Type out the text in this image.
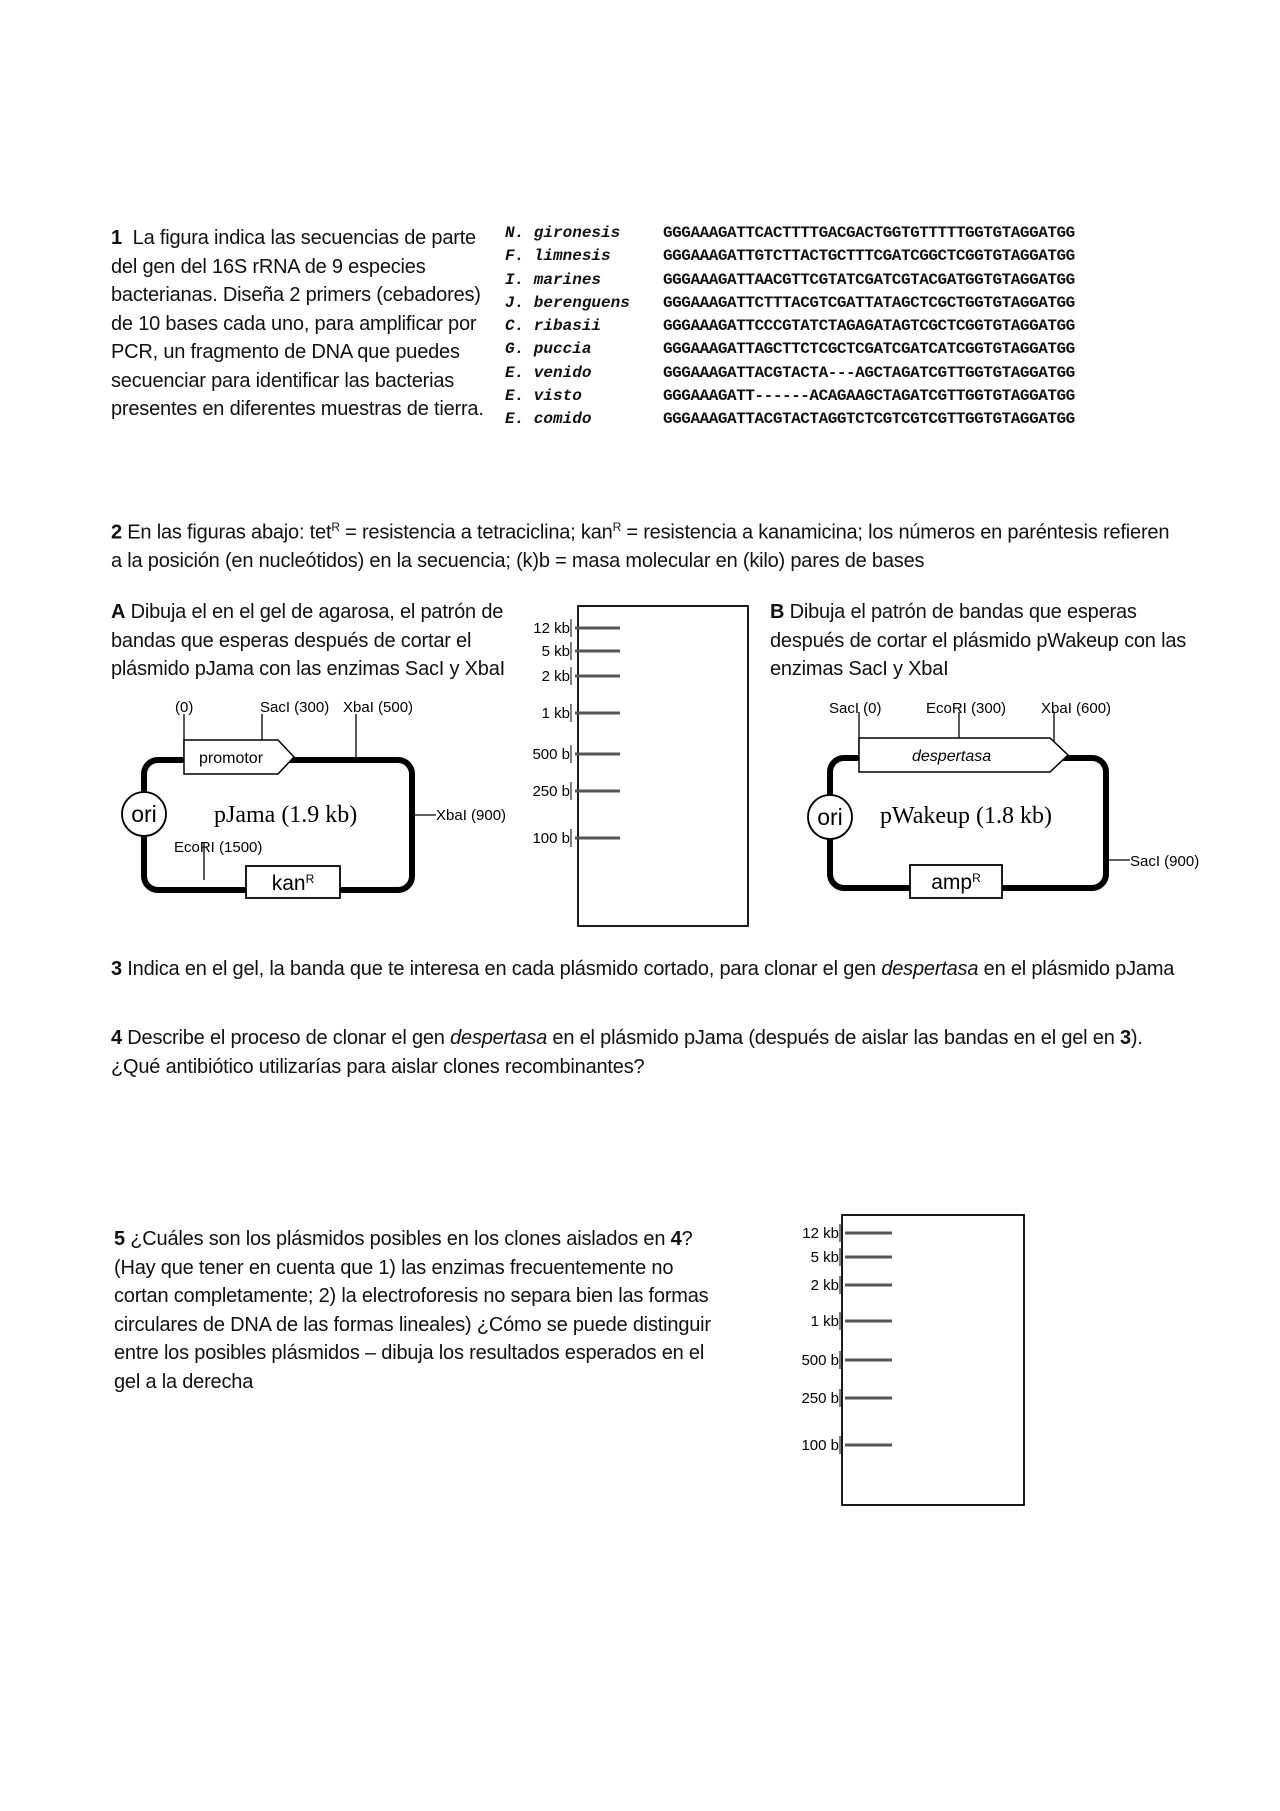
1 La figura indica las secuencias de parte del gen del 16S rRNA de 9 especies bacterianas. Diseña 2 primers (cebadores) de 10 bases cada uno, para amplificar por PCR, un fragmento de DNA que puedes secuenciar para identificar las bacterias presentes en diferentes muestras de tierra.
N. gironesis	GGGAAAGATTCACTTTTGACGACTGGTGTTTTTGGTGTAGGATGG
F. limnesis	GGGAAAGATTGTCTTACTGCTTTCGATCGGCTCGGTGTAGGATGG
I. marines	GGGAAAGATTAACGTTCGTATCGATCGTACGATGGTGTAGGATGG
J. berenguens	GGGAAAGATTCTTTACGTCGATTATAGCTCGCTGGTGTAGGATGG
C. ribasii	GGGAAAGATTCCCGTATCTAGAGATAGTCGCTCGGTGTAGGATGG
G. puccia	GGGAAAGATTAGCTTCTCGCTCGATCGATCATCGGTGTAGGATGG
E. venido	GGGAAAGATTACGTACTA---AGCTAGATCGTTGGTGTAGGATGG
E. visto	GGGAAAGATT------ACAGAAGCTAGATCGTTGGTGTAGGATGG
E. comido	GGGAAAGATTACGTACTAGGTCTCGTCGTCGTTGGTGTAGGATGG
2 En las figuras abajo: tet$^R$ = resistencia a tetraciclina; kan$^R$ = resistencia a kanamicina; los números en paréntesis refieren a la posición (en nucleótidos) en la secuencia; (k)b = masa molecular en (kilo) pares de bases
A Dibuja el en el gel de agarosa, el patrón de bandas que esperas después de cortar el plásmido pJama con las enzimas SacI y XbaI
B Dibuja el patrón de bandas que esperas después de cortar el plásmido pWakeup con las enzimas SacI y XbaI
(0)	SacI (300) XbaI (500)
XbaI (900)
EcoRI (1500)
promotor
ori pJama (1.9 kb)
kan$^R$
12 kb
5 kb
2 kb
1 kb
500 b
250 b
100 b
SacI (0)	EcoRI (300) XbaI (600)
SacI (900)
despertasa
ori pWakeup (1.8 kb)
amp$^R$
3 Indica en el gel, la banda que te interesa en cada plásmido cortado, para clonar el gen despertasa en el plásmido pJama
4 Describe el proceso de clonar el gen despertasa en el plásmido pJama (después de aislar las bandas en el gel en 3). ¿Qué antibiótico utilizarías para aislar clones recombinantes?
5 ¿Cuáles son los plásmidos posibles en los clones aislados en 4? (Hay que tener en cuenta que 1) las enzimas frecuentemente no cortan completamente; 2) la electroforesis no separa bien las formas circulares de DNA de las formas lineales) ¿Cómo se puede distinguir entre los posibles plásmidos – dibuja los resultados esperados en el gel a la derecha
12 kb
5 kb
2 kb
1 kb
500 b
250 b
100 b
